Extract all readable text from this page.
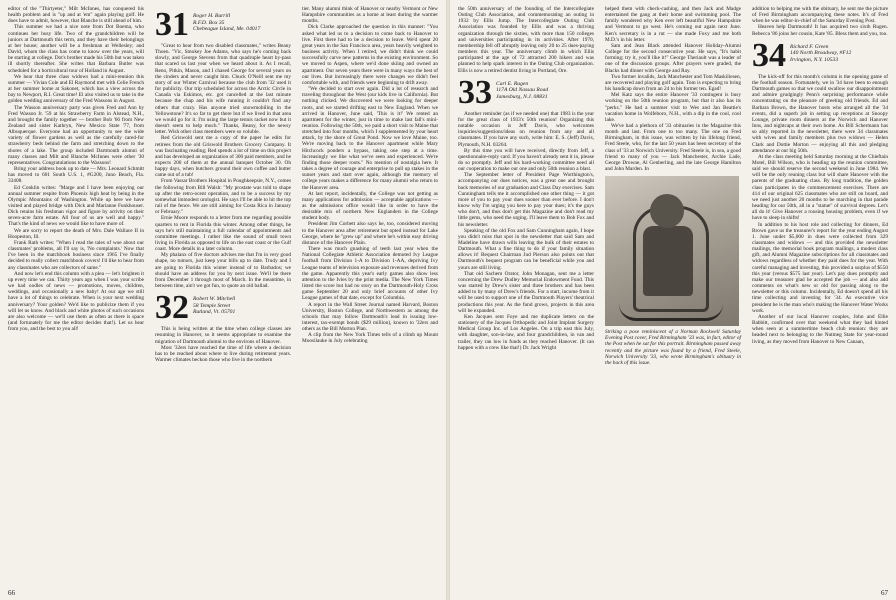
editor of the "Thirtyeter," Milt McInnes, has conquered his health problem and is "up and at 'em" again playing golf. He does have to admit, however, that Blanche is still ahead of him.

This summer we had a nice note from Dot Boema, who continues her busy life. Two of the grandchildren will be juniors at Dartmouth this term, and they have their belongings at her house; another will be a freshman at Wellesley; and David, whom the class has come to know over the years, will be starting at college. Dot's brother made his 50th but was taken ill shortly thereafter. She writes that Barbara Butler was scheduled for a horticultural tour of Holland in August.

We hear that three class widows had a mini-reunion this summer — Vivian Cole and El Raymond met with Celie French at her summer home at Sakonet, which has a view across the bay to Newport, R.I. Great time! El also visited us to take in the golden wedding anniversary of the Fred Wassons in August.

The Wasson anniversary party was given Fred and Ann by Fred Wasson Jr. '59 at his Strawberry Farm in Alstead, N.H., and brought the family together — brother Bob '66 from New Zealand and sister Kathryn, New Mexico State '77, from Albuquerque. Everyone had an opportunity to see the wide variety of flower gardens as well as the carefully cared-for strawberry beds behind the farm and stretching down to the shores of a lake. The group included Dartmouth alumni of many classes and Milt and Blanche McInnes were other '30 representatives. Congratulations to the Wassons!

Bring your address book up to date — Mrs. Leonard Schmitt has moved to 601 South U.S. 1, #G200, Juno Beach, Fla. 33408.

Ed Conklin writes: "Marge and I have been enjoying our annual summer respite from Phoenix high heat by being in the Olympic Mountains of Washington. While up here we have visited and played bridge with Dick and Marianne Funkhouser. Dick retains his freshman vigor and figure by activity on their seven-acre farm estate. All four of us are well and happy." That's the kind of news we would like to have more of.

We are sorry to report the death of Mrs. Dale Wallace II in Hoopeston, Ill.

Frank Rath writes: "When I read the tales of woe about our classmates' problems, all I'll say is, 'No complaints.' Now that I've been in the matchbook business since 1965 I've finally decided to really collect matchbook covers! I'd like to hear from any classmates who are collectors of same."

And now let's end this column with a plea — let's brighten it up every time we can. Thirty years ago when I was your scribe we had oodles of news — promotions, moves, children, weddings, and occasionally a new baby! At our age we still have a lot of things to celebrate. When is your next wedding anniversary? Your golden? We'd like to publicize them if you will let us know. And black and white photos of such occasions are also welcome — we'll use them as often as there is space (and fortunately for me the editor decides that!). Let us hear from you, and the best to you all!

31 Roger H. Burrill
R.F.D. Box 35
Chebeague Island, Me. 04017

"Great to hear from two disabled classmates," writes Beany Thoen. "Vic, Smokey Joe Adams, who says he's coming back slowly, and George Stevens from that quadruple heart by-pass that scared us last year when we heard about it. As I recall, Reno, Pitkin, Mason, and I chased George for several years on the cinders and never caught him. Chuck O'Neill sent me my story of our Winter Carnival because the club from '32 used it for publicity. Our trip scheduled for across the Arctic Circle in Canada via Eskimos, etc. got cancelled at the last minute because the chap and his wife running it couldn't find any others that crazy. Has anyone tried snowmobiling in the Yellowstone? It's so far to get there but if we lived in that area we would go for it. I'm using the large tennis racket now but it doesn't seem to help much." Thanks, Beany, for the newsy letter. Wish other class members were so voluble.

Red Griswold sent me a copy of the paper he edits for retirees from the old Griswold Brothers Grocery Company. It was fascinating reading; Red spends a lot of time on this project and has developed an organization of 300 paid members, and he expects 200 of them at the annual banquet October 30. Oh happy days, when butchers ground their own coffee and butter came out of a tub!

From Vassar Brothers Hospital in Poughkeepsie, N.Y., comes the following from Bill Walsh: "My prostate was told to shape up after the retro-ocent operation, and to be a success by my somewhat immodest urologist. He says I'll be able to hit the top rail of the fence. We are still aiming for Costa Rica in January or February."

Ernie Moore responds to a letter from me regarding possible quarters to rent in Florida this winter. Among other things, he says he's still maintaining a full calendar of appointments and committee meetings. I rather like the sound of small town living in Florida as opposed to life on the east coast or the Gulf coast. More details in a later column.

My phalanx of five doctors advises me that I'm in very good shape, no tumors, just keep your bills up to date. Trudy and I are going to Florida this winter instead of to Barbados; we should have an address for you by next issue. We'll be there from December 1 through most of March. In the meantime, in between time, ain't we got fun, to quote an old ballad.

32 Robert W. Mitchell
58 Temple Street
Rutland, Vt. 05701

This is being written at the time when college classes are resuming in Hanover, so it seems appropriate to examine the migration of Dartmouth alumni to the environs of Hanover.

Most '32ers have reached the time of life where a decision has to be reached about where to live during retirement years. Warmer climates beckon those who live in the northern

tier. Many alumni think of Hanover or nearby Vermont or New Hampshire communities as a home at least during the warmer months.

Dick Clarke approached the question in this manner: "You asked what led us to a decision to come back to Hanover to live. First there had to be a decision to leave. We'd spent 20 great years in the San Francisco area, years heavily weighted to business activity. When I retired, we didn't think we could successfully carve new patterns in the existing environment. So we moved to Aspen, where we'd done skiing and owned an apartment. Our seven years there were in many ways the best of our lives. But increasingly there were changes we didn't feel comfortable with, and friends were beginning to drift away.

"We decided to start over again. Did a lot of research and traveling throughout the West (our kids live in California). But nothing clicked. We discovered we were looking for deeper roots, and we started drifting east to New England. When we arrived in Hanover, June said, 'This is it!' We rented an apartment for the winter, just in time to make last fall's mini-reunion. Following the 50th, we paid a short visit to Maine that stretched into four months, which I supplemented by your heart attack, by the shore of Great Pond. Now we love Maine, too. We're moving back to the Hanover apartment while Mary Hitchcock ponders a bypass, taking one step at a time. Increasingly we like what we've seen and experienced. We're finding those deeper roots." No mention of nostalgia here. It takes a degree of courage and enterprise to pull up stakes in the sunset years and start over again, although the memory of college years makes a difference for many alumni who return to the Hanover area.

At last report, incidentally, the College was not getting as many applications for admission — acceptable applications — as the admissions office would like in order to have the desirable mix of northern New Englanders in the College student body.

President Jim Corbett also says he, too, considered moving to the Hanover area after retirement but opted instead for Lake George, where he "grew up" and where he's within easy driving distance of the Hanover Plain.

There was much gnashing of teeth last year when the National Collegiate Athletic Association demoted Ivy League football from Division 1-A to Division 1-AA, depriving Ivy League teams of television exposure and revenues derived from the game. Apparently this year's early games also show less attention to the Ivies by the print media. The New York Times listed the score but had no story on the Dartmouth-Holy Cross game September 20 and only brief accounts of other Ivy League games of that date, except for Columbia.

A report in the Wall Street Journal named Harvard, Boston University, Boston College, and Northwestern as among the schools that may follow Dartmouth's lead in issuing low-interest, tax-exempt bonds ($29 million), known to '32ers and others as the Bill Morton Plan.

A clip from the New York Times tells of a climb up Mount Moosilauke in July celebrating

66

the 50th anniversary of the founding of the Intercollegiate Outing Club Association, and commemorating an outing in 1932 by Ellis Jump. The Intercollegiate Outing Club Association was founded by Ellis and was a thriving organization through the sixties, with more than 150 colleges and universities participating in its activities. After 1970, membership fell off abruptly leaving only 20 to 25 dues-paying members this year. The anniversary climb in which Ellis participated at the age of 72 attracted 200 hikers and was planned to help spark interest in the Outing Club organization. Ellis is now a retired dentist living in Portland, Ore.

33 Carl E. Rugen
117A Old Nassau Road
Jamesburg, N.J. 08831

Another reminder (as if we needed one) that 1983 is the year for the great class of 1933's 50th reunion! Organizing this notable occasion is Jeff Davis, who welcomes inquiries/suggestions/ideas on reunion from any and all classmates. If you have any such, write him: E. S. (Jeff) Davis, Plymouth, N.H. 03264.

By this time you will have received, directly from Jeff, a questionnaire-reply card. If you haven't already sent it in, please do so promptly. Jeff and his hard-working committee need all our cooperation to make our one and only 50th reunion a blast.

The September letter of President Page Worthington's, accompanying our dues notices, was a great one and brought back memories of our graduation and Class Day exercises. Sam Cunningham tells me it accomplished one other thing — it got more of you to pay your dues sooner than ever before. I don't know why I'm urging you here to pay your dues; it's the guys who don't, and thus don't get this Magazine and don't read my little gems, who need the urging. I'll leave them to Bob Fox and his newsletter.

Speaking of the old Fox and Sam Cunningham again, I hope you didn't miss that spot in the newsletter that said Sam and Madeline have drawn wills leaving the bulk of their estates to Dartmouth. What a fine thing to do if your family situation allows it! Bequest Chairman Jud Pierson also points out that Dartmouth's bequest program can be beneficial while you and yours are still living.

That old Sachem Orator, John Monagan, sent me a letter concerning the Drew Dudley Memorial Endowment Fund. This was started by Drew's sister and three brothers and has been added to by many of Drew's friends. For a start, income from it will be used to support one of the Dartmouth Players' theatrical productions this year. As the fund grows, projects in this area will be expanded.

Ken Jacques sent Foye and me duplicate letters on the stationery of the Jacques Orthopedic and Joint Implant Surgery Medical Group Inc. of Los Angeles. On a trip east this July, with daughter, son-in-law, and four grandchildren, in van and trailer, they ran low in funds as they reached Hanover. (It can happen with a crew like that!) Dr. Jack Wright

helped them with check-cashing, and then Jack and Madge entertained the gang at their home and swimming pool. The family wondered why Ken ever left beautiful New Hampshire and Vermont to go west. He's coming out again next June. Ken's secretary is in a rut — she made Foxy and me both M.D.'s in his letter.

Sam and Jean Black attended Hanover Holiday-Alumni College for the second consecutive year. He says, "It's habit forming; try it, you'll like it!" George Theriault was a leader of one of the discussion groups. After prayers were graded, the Blacks had dinner with George and Ray.

Two former invalids, Jack Manchester and Tom Maskiliesen, are recovered and playing golf again. Tom is expecting to bring his handicap down from an 24 to his former ten. Egad!

Mel Katz says the entire Hanover '33 contingent is busy working on the 50th reunion program, but that it also has its "perks." He had a summer visit to Wes and Jan Beattie's vacation home in Wolfeboro, N.H., with a dip in the cool, cool lake.

We've had a plethora of '33 obituaries in the Magazine this month and last. From one to too many. The one on Fred Birmingham, in this issue, was written by his lifelong friend, Fred Steele, who, for the last 50 years has been secretary of the class of '33 at Norwich University. Fred Steele is, in sea, a good friend to many of you — Jack Manchester, Archie Lade, George Drowne, Al Genberling, and the late George Hamilton and John Marden. In

Striking a pose reminiscent of a Norman Rockwell Saturday Evening Post cover, Fred Birmingham '33 was, in fact, editor of the Post when he sat for this portrait. Birmingham passed away recently and the picture was found by a friend, Fred Steele, Norwich University '33, who wrote Birmingham's obituary in the back of this issue.

addition to helping me with the obituary, he sent me the picture of Fred Birmingham accompanying these notes. It's of Fred when he was editor-in-chief of the Saturday Evening Post.

Heaven help Dartmouth! It has acquired two sixth Rugen. Rebecca '86 joins her cousin, Kate '85. Bless them and you, too.

34 Richard F. Green
140 North Broadway, #F12
Irvington, N.Y. 10533

The kick-off for this month's column is the opening game of the football season. Fortunately, we in '34 have been to enough Dartmouth games so that we could swallow our disappointment and admire grudgingly Penn's surprising performance while concentrating on the pleasure of greeting old friends. Ed and Barbara Brown, the Hanover hosts who arranged all the '34 events, did a superb job in setting up receptions at Snoopy Lounge, private room dinners at the Norwich and Hanover Inns, and nightcaps at their own home. As Bill Schermann has so ably reported in the newsletter, there were 34 classmates with wives and family members plus two widows — Helen Clark and Dottie Morton — enjoying all this and pledging attendance at our big 50th.

At the class meeting held Saturday morning at the Chieftain Motel, Bill Wilson, who is heading up the reunion committee, said we should reserve the second weekend in June 1984. We will be the only reuning class but will share Hanover with the parents of the graduating class. By long tradition, the golden class participates in the commencement exercises. There are 414 of our original 625 classmates who are still on board, and we need just another 20 months to be marching in that parade heading for our 50th, all in a "statue" of survival degrees. Let's all do it! Give Hanover a rousing housing problem, even if we have to sleep in shifts!

In addition to his host role and collecting for dinners, Ed Brown gave us the treasurer's report for the year ending August 1. June under $5,000 in dues were collected from 329 classmates and widows — and this provided the newsletter mailings, the memorial book program mailings, a modest class gift, and Alumni Magazine subscriptions for all classmates and widows regardless of whether they paid dues for the year. With careful managing and investing, this provided a surplus of $550 this year (versus $575 last year). Let's pay dues promptly and make our treasurer glad he accepted the job — and also add comments on what's new or old for passing along to the newsletter or this column. Incidentally, Ed doesn't spend all his time collecting and investing for '34. As executive vice president he is the man who's making the Hanover Water Works work.

Another of our local Hanover couples, John and Ellie Babbitt, confirmed over that weekend what they had hinted when seen at a summertime beach club reunion: they are headed next to belonging to the Nutmeg State for year-round living, as they moved from Hanover to New Canaan,

67
